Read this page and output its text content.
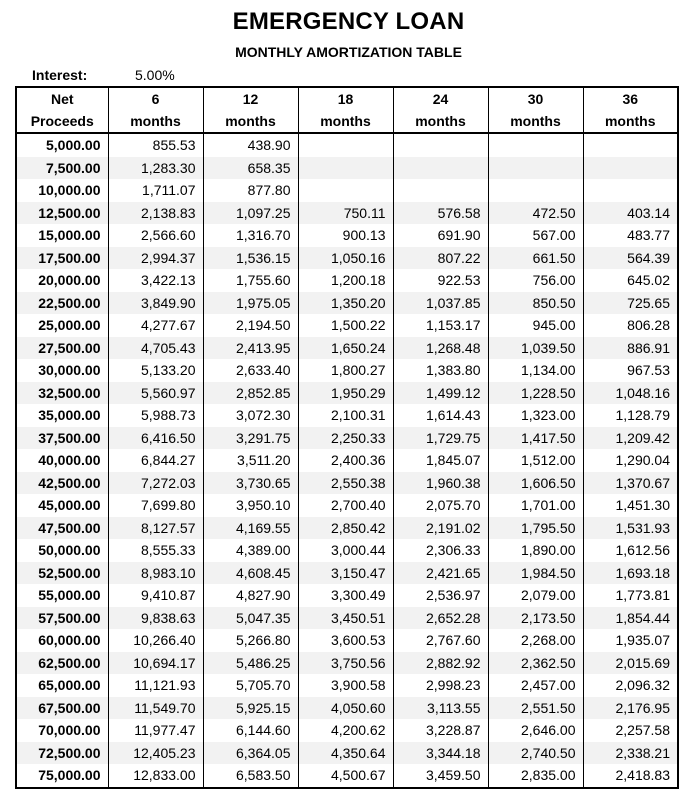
EMERGENCY LOAN
MONTHLY AMORTIZATION TABLE
Interest:	5.00%
Net	6	12	18	24	30	36
Proceeds	months	months	months	months	months	months
5,000.00	855.53	438.90				
7,500.00	1,283.30	658.35				
10,000.00	1,711.07	877.80				
12,500.00	2,138.83	1,097.25	750.11	576.58	472.50	403.14
15,000.00	2,566.60	1,316.70	900.13	691.90	567.00	483.77
17,500.00	2,994.37	1,536.15	1,050.16	807.22	661.50	564.39
20,000.00	3,422.13	1,755.60	1,200.18	922.53	756.00	645.02
22,500.00	3,849.90	1,975.05	1,350.20	1,037.85	850.50	725.65
25,000.00	4,277.67	2,194.50	1,500.22	1,153.17	945.00	806.28
27,500.00	4,705.43	2,413.95	1,650.24	1,268.48	1,039.50	886.91
30,000.00	5,133.20	2,633.40	1,800.27	1,383.80	1,134.00	967.53
32,500.00	5,560.97	2,852.85	1,950.29	1,499.12	1,228.50	1,048.16
35,000.00	5,988.73	3,072.30	2,100.31	1,614.43	1,323.00	1,128.79
37,500.00	6,416.50	3,291.75	2,250.33	1,729.75	1,417.50	1,209.42
40,000.00	6,844.27	3,511.20	2,400.36	1,845.07	1,512.00	1,290.04
42,500.00	7,272.03	3,730.65	2,550.38	1,960.38	1,606.50	1,370.67
45,000.00	7,699.80	3,950.10	2,700.40	2,075.70	1,701.00	1,451.30
47,500.00	8,127.57	4,169.55	2,850.42	2,191.02	1,795.50	1,531.93
50,000.00	8,555.33	4,389.00	3,000.44	2,306.33	1,890.00	1,612.56
52,500.00	8,983.10	4,608.45	3,150.47	2,421.65	1,984.50	1,693.18
55,000.00	9,410.87	4,827.90	3,300.49	2,536.97	2,079.00	1,773.81
57,500.00	9,838.63	5,047.35	3,450.51	2,652.28	2,173.50	1,854.44
60,000.00	10,266.40	5,266.80	3,600.53	2,767.60	2,268.00	1,935.07
62,500.00	10,694.17	5,486.25	3,750.56	2,882.92	2,362.50	2,015.69
65,000.00	11,121.93	5,705.70	3,900.58	2,998.23	2,457.00	2,096.32
67,500.00	11,549.70	5,925.15	4,050.60	3,113.55	2,551.50	2,176.95
70,000.00	11,977.47	6,144.60	4,200.62	3,228.87	2,646.00	2,257.58
72,500.00	12,405.23	6,364.05	4,350.64	3,344.18	2,740.50	2,338.21
75,000.00	12,833.00	6,583.50	4,500.67	3,459.50	2,835.00	2,418.83
